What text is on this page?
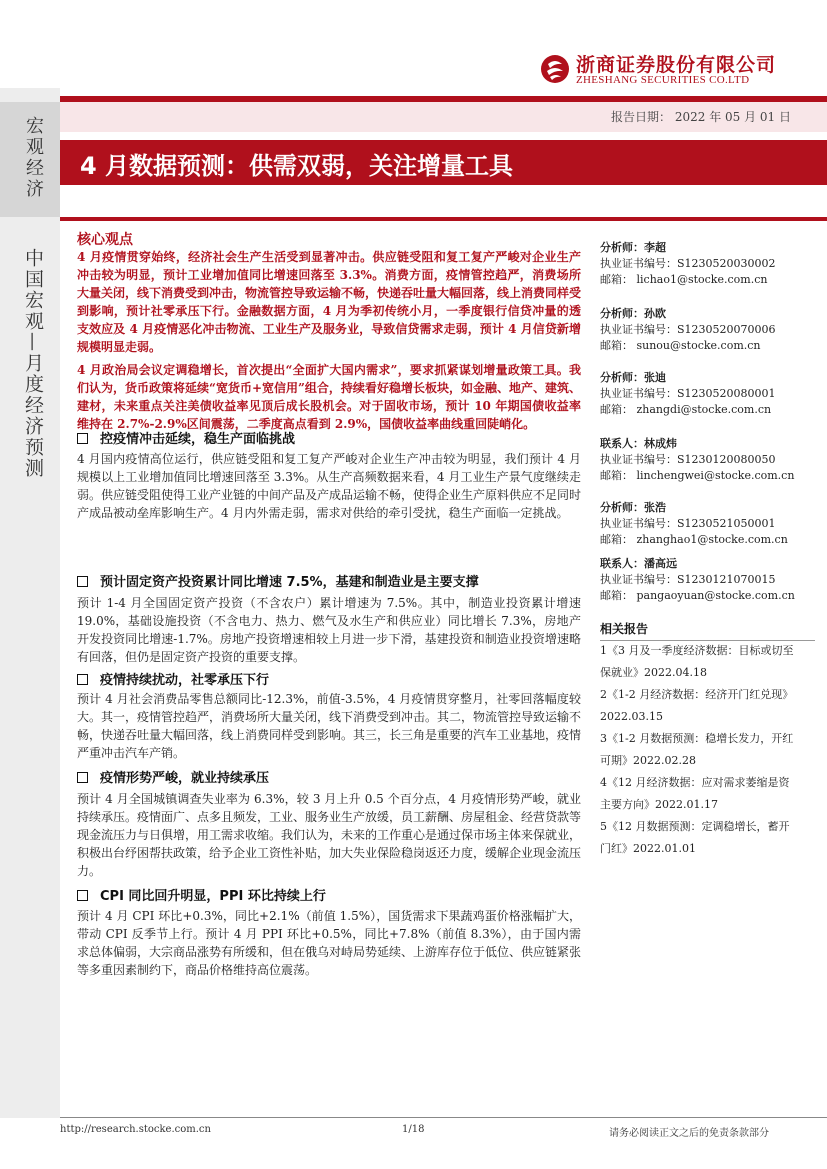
浙商证券股份有限公司
ZHESHANG SECURITIES CO.LTD
宏观经济
中国宏观—月度经济预测
报告日期： 2022 年 05 月 01 日
4 月数据预测：供需双弱，关注增量工具
核心观点
4 月疫情贯穿始终，经济社会生产生活受到显著冲击。供应链受阻和复工复产严峻对企业生产冲击较为明显，预计工业增加值同比增速回落至 3.3%。消费方面，疫情管控趋严，消费场所大量关闭，线下消费受到冲击，物流管控导致运输不畅，快递吞吐量大幅回落，线上消费同样受到影响，预计社零承压下行。金融数据方面，4 月为季初传统小月，一季度银行信贷冲量的透支效应及 4 月疫情恶化冲击物流、工业生产及服务业，导致信贷需求走弱，预计 4 月信贷新增规模明显走弱。
4 月政治局会议定调稳增长，首次提出“全面扩大国内需求”，要求抓紧谋划增量政策工具。我们认为，货币政策将延续“宽货币+宽信用”组合，持续看好稳增长板块，如金融、地产、建筑、建材，未来重点关注美债收益率见顶后成长股机会。对于固收市场，预计 10 年期国债收益率维持在 2.7%-2.9%区间震荡，二季度高点看到 2.9%，国债收益率曲线重回陡峭化。
控疫情冲击延续，稳生产面临挑战
4 月国内疫情高位运行，供应链受阻和复工复产严峻对企业生产冲击较为明显，我们预计 4 月规模以上工业增加值同比增速回落至 3.3%。从生产高频数据来看，4 月工业生产景气度继续走弱。供应链受阻使得工业产业链的中间产品及产成品运输不畅，使得企业生产原料供应不足同时产成品被动垒库影响生产。4 月内外需走弱，需求对供给的牵引受扰，稳生产面临一定挑战。
预计固定资产投资累计同比增速 7.5%，基建和制造业是主要支撑
预计 1-4 月全国固定资产投资（不含农户）累计增速为 7.5%。其中，制造业投资累计增速 19.0%，基础设施投资（不含电力、热力、燃气及水生产和供应业）同比增长 7.3%，房地产开发投资同比增速-1.7%。房地产投资增速相较上月进一步下滑，基建投资和制造业投资增速略有回落，但仍是固定资产投资的重要支撑。
疫情持续扰动，社零承压下行
预计 4 月社会消费品零售总额同比-12.3%，前值-3.5%，4 月疫情贯穿整月，社零回落幅度较大。其一，疫情管控趋严，消费场所大量关闭，线下消费受到冲击。其二，物流管控导致运输不畅，快递吞吐量大幅回落，线上消费同样受到影响。其三，长三角是重要的汽车工业基地，疫情严重冲击汽车产销。
疫情形势严峻，就业持续承压
预计 4 月全国城镇调查失业率为 6.3%，较 3 月上升 0.5 个百分点，4 月疫情形势严峻，就业持续承压。疫情面广、点多且频发，工业、服务业生产放缓，员工薪酬、房屋租金、经营贷款等现金流压力与日俱增，用工需求收缩。我们认为，未来的工作重心是通过保市场主体来保就业，积极出台纾困帮扶政策，给予企业工资性补贴，加大失业保险稳岗返还力度，缓解企业现金流压力。
CPI 同比回升明显，PPI 环比持续上行
预计 4 月 CPI 环比+0.3%，同比+2.1%（前值 1.5%），国货需求下果蔬鸡蛋价格涨幅扩大，带动 CPI 反季节上行。预计 4 月 PPI 环比+0.5%，同比+7.8%（前值 8.3%），由于国内需求总体偏弱，大宗商品涨势有所缓和，但在俄乌对峙局势延续、上游库存位于低位、供应链紧张等多重因素制约下，商品价格维持高位震荡。
分析师：李超
执业证书编号：S1230520030002
邮箱： lichao1@stocke.com.cn
分析师：孙欧
执业证书编号：S1230520070006
邮箱： sunou@stocke.com.cn
分析师：张迪
执业证书编号：S1230520080001
邮箱： zhangdi@stocke.com.cn
联系人：林成炜
执业证书编号：S1230120080050
邮箱： linchengwei@stocke.com.cn
分析师：张浩
执业证书编号：S1230521050001
邮箱： zhanghao1@stocke.com.cn
联系人：潘高远
执业证书编号：S1230121070015
邮箱： pangaoyuan@stocke.com.cn
相关报告
1《3 月及一季度经济数据：目标或切至保就业》2022.04.18
2《1-2 月经济数据：经济开门红兑现》2022.03.15
3《1-2 月数据预测：稳增长发力，开红可期》2022.02.28
4《12 月经济数据：应对需求萎缩是资主要方向》2022.01.17
5《12 月数据预测：定调稳增长，蓄开门红》2022.01.01
http://research.stocke.com.cn	1/18	请务必阅读正文之后的免责条款部分
